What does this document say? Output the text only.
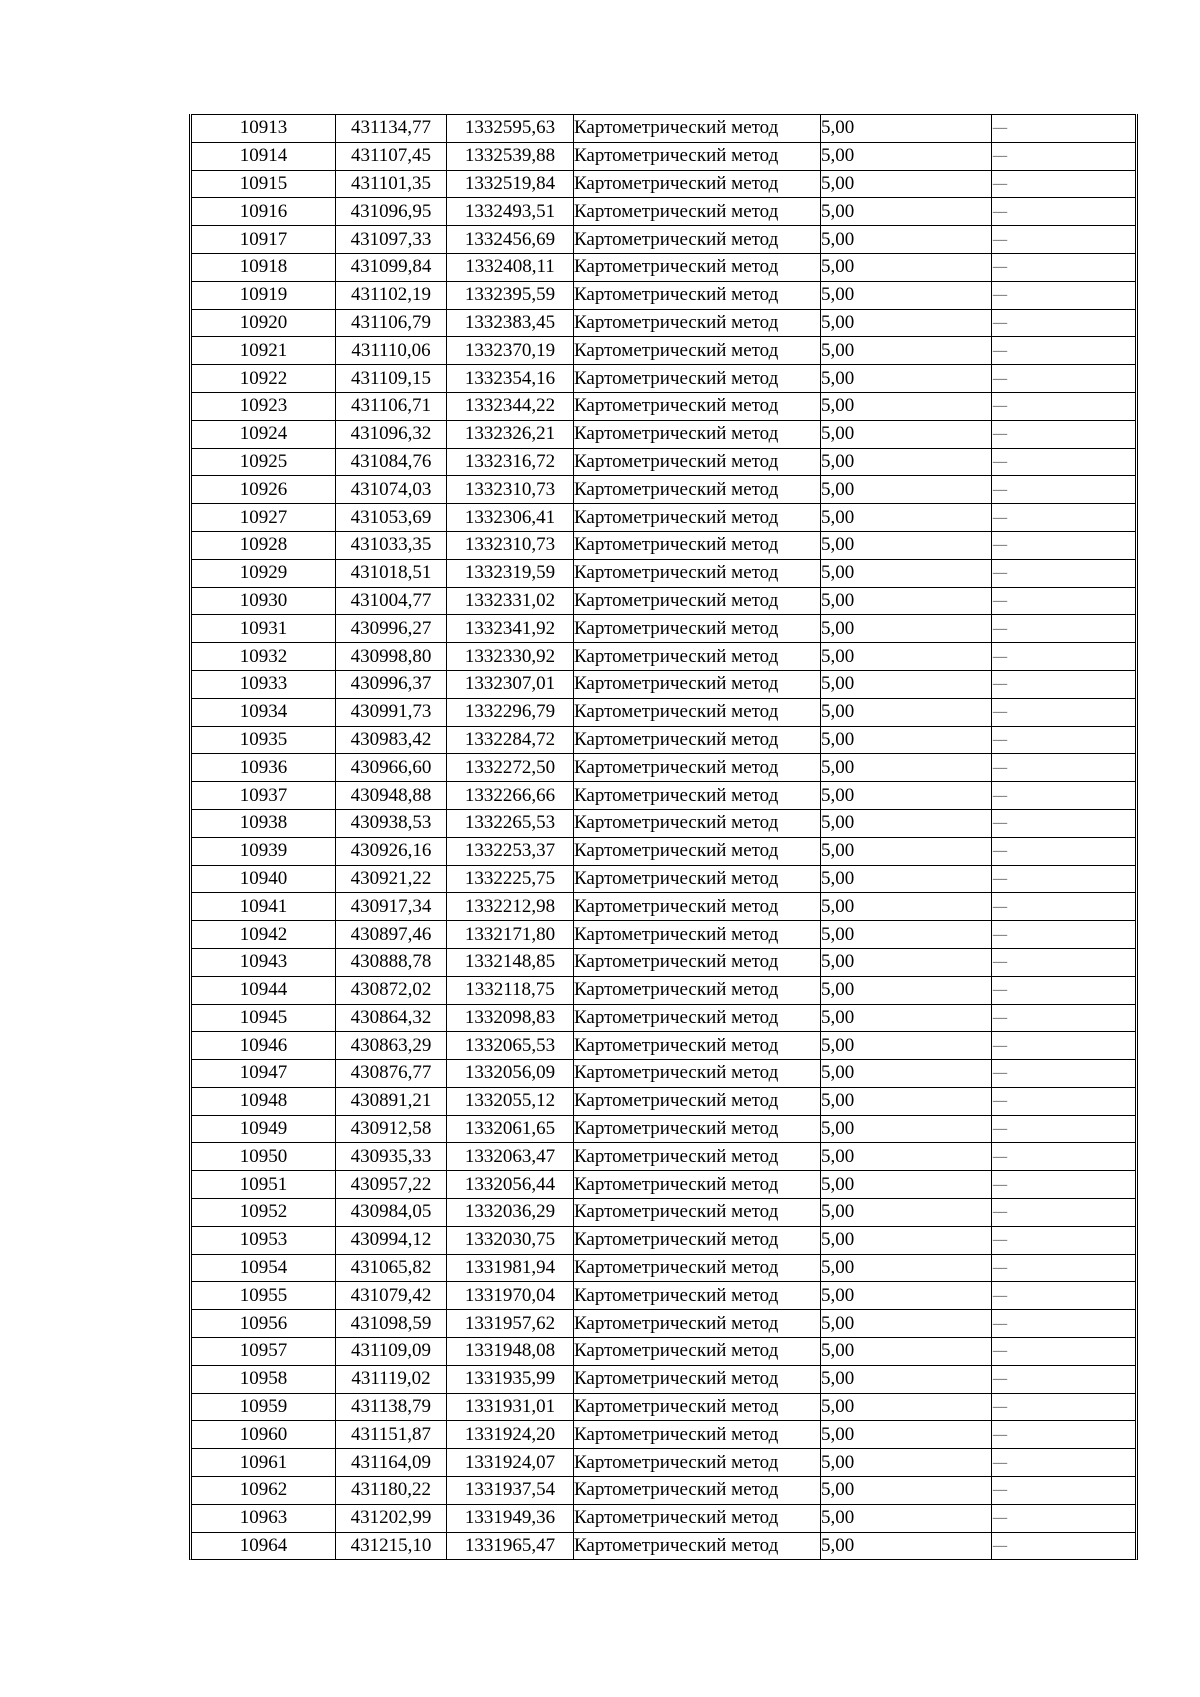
10913	431134,77	1332595,63	Картометрический метод	5,00	—
10914	431107,45	1332539,88	Картометрический метод	5,00	—
10915	431101,35	1332519,84	Картометрический метод	5,00	—
10916	431096,95	1332493,51	Картометрический метод	5,00	—
10917	431097,33	1332456,69	Картометрический метод	5,00	—
10918	431099,84	1332408,11	Картометрический метод	5,00	—
10919	431102,19	1332395,59	Картометрический метод	5,00	—
10920	431106,79	1332383,45	Картометрический метод	5,00	—
10921	431110,06	1332370,19	Картометрический метод	5,00	—
10922	431109,15	1332354,16	Картометрический метод	5,00	—
10923	431106,71	1332344,22	Картометрический метод	5,00	—
10924	431096,32	1332326,21	Картометрический метод	5,00	—
10925	431084,76	1332316,72	Картометрический метод	5,00	—
10926	431074,03	1332310,73	Картометрический метод	5,00	—
10927	431053,69	1332306,41	Картометрический метод	5,00	—
10928	431033,35	1332310,73	Картометрический метод	5,00	—
10929	431018,51	1332319,59	Картометрический метод	5,00	—
10930	431004,77	1332331,02	Картометрический метод	5,00	—
10931	430996,27	1332341,92	Картометрический метод	5,00	—
10932	430998,80	1332330,92	Картометрический метод	5,00	—
10933	430996,37	1332307,01	Картометрический метод	5,00	—
10934	430991,73	1332296,79	Картометрический метод	5,00	—
10935	430983,42	1332284,72	Картометрический метод	5,00	—
10936	430966,60	1332272,50	Картометрический метод	5,00	—
10937	430948,88	1332266,66	Картометрический метод	5,00	—
10938	430938,53	1332265,53	Картометрический метод	5,00	—
10939	430926,16	1332253,37	Картометрический метод	5,00	—
10940	430921,22	1332225,75	Картометрический метод	5,00	—
10941	430917,34	1332212,98	Картометрический метод	5,00	—
10942	430897,46	1332171,80	Картометрический метод	5,00	—
10943	430888,78	1332148,85	Картометрический метод	5,00	—
10944	430872,02	1332118,75	Картометрический метод	5,00	—
10945	430864,32	1332098,83	Картометрический метод	5,00	—
10946	430863,29	1332065,53	Картометрический метод	5,00	—
10947	430876,77	1332056,09	Картометрический метод	5,00	—
10948	430891,21	1332055,12	Картометрический метод	5,00	—
10949	430912,58	1332061,65	Картометрический метод	5,00	—
10950	430935,33	1332063,47	Картометрический метод	5,00	—
10951	430957,22	1332056,44	Картометрический метод	5,00	—
10952	430984,05	1332036,29	Картометрический метод	5,00	—
10953	430994,12	1332030,75	Картометрический метод	5,00	—
10954	431065,82	1331981,94	Картометрический метод	5,00	—
10955	431079,42	1331970,04	Картометрический метод	5,00	—
10956	431098,59	1331957,62	Картометрический метод	5,00	—
10957	431109,09	1331948,08	Картометрический метод	5,00	—
10958	431119,02	1331935,99	Картометрический метод	5,00	—
10959	431138,79	1331931,01	Картометрический метод	5,00	—
10960	431151,87	1331924,20	Картометрический метод	5,00	—
10961	431164,09	1331924,07	Картометрический метод	5,00	—
10962	431180,22	1331937,54	Картометрический метод	5,00	—
10963	431202,99	1331949,36	Картометрический метод	5,00	—
10964	431215,10	1331965,47	Картометрический метод	5,00	—
